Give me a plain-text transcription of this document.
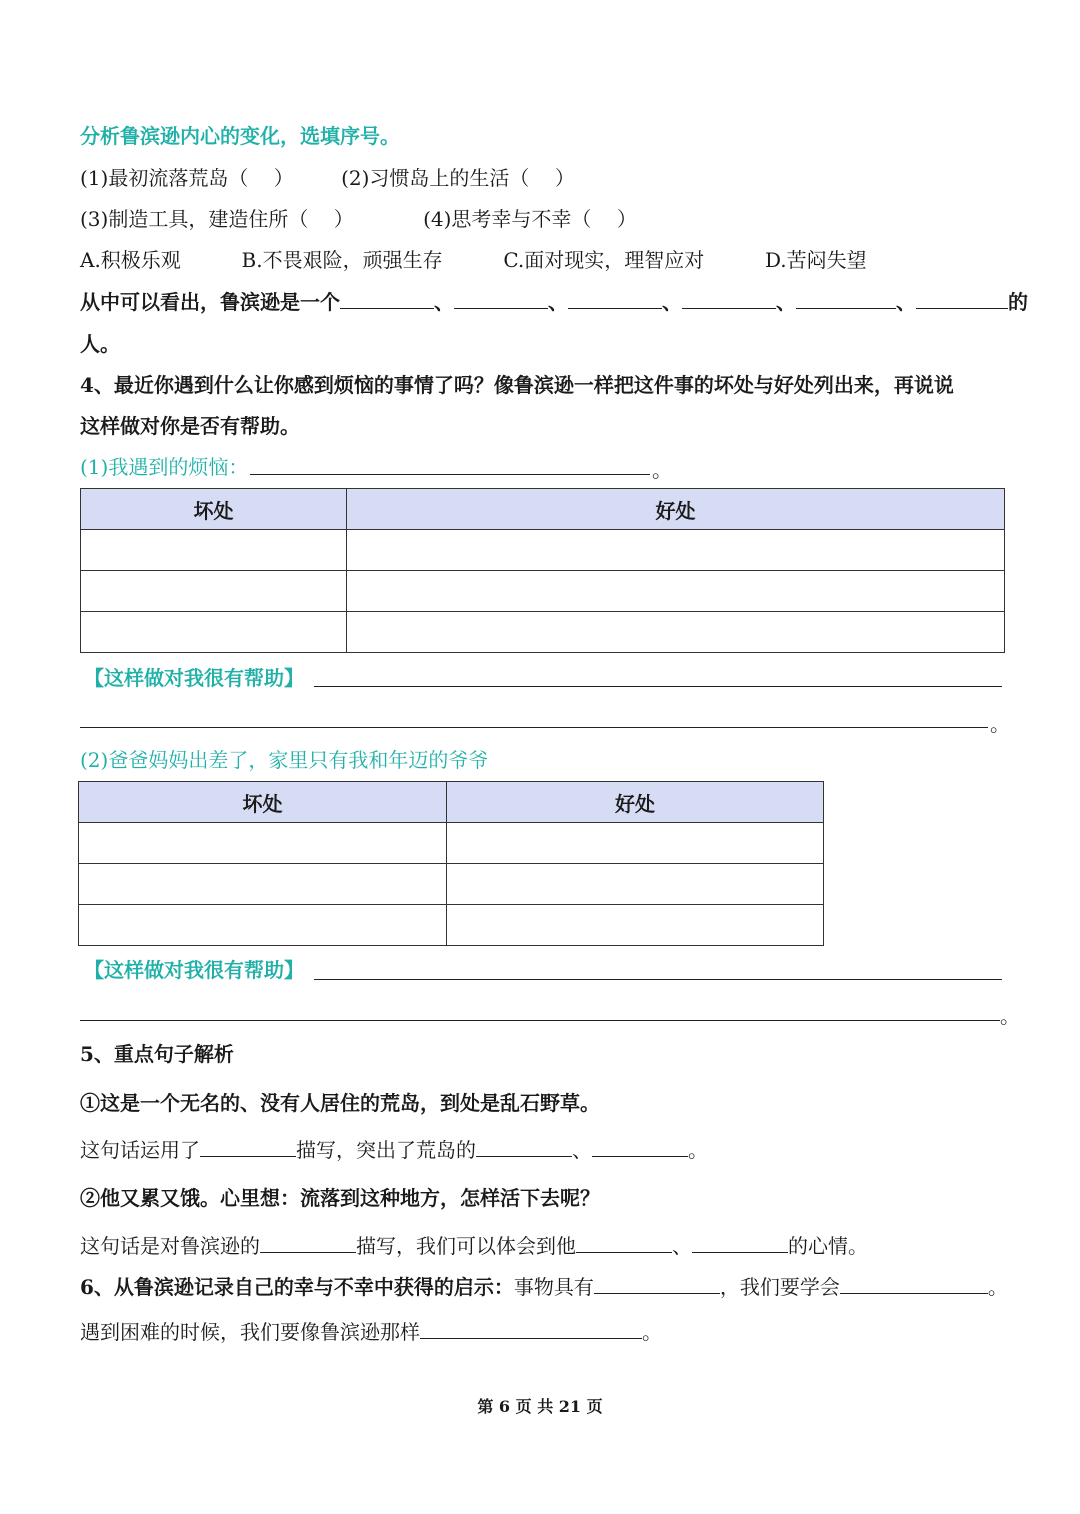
分析鲁滨逊内心的变化，选填序号。
(1)最初流落荒岛（ ） (2)习惯岛上的生活（ ）
(3)制造工具，建造住所（ ）	(4)思考幸与不幸（ ）
A.积极乐观	B.不畏艰险，顽强生存	C.面对现实，理智应对	D.苦闷失望
从中可以看出，鲁滨逊是一个	、	、	、	、	、	的
人。
4、最近你遇到什么让你感到烦恼的事情了吗？像鲁滨逊一样把这件事的坏处与好处列出来，再说说
这样做对你是否有帮助。
(1)我遇到的烦恼：	。
坏处	好处

【这样做对我很有帮助】
。
(2)爸爸妈妈出差了，家里只有我和年迈的爷爷
坏处	好处

【这样做对我很有帮助】
。
5、重点句子解析
①这是一个无名的、没有人居住的荒岛，到处是乱石野草。
这句话运用了	描写，突出了荒岛的	、	。
②他又累又饿。心里想：流落到这种地方，怎样活下去呢？
这句话是对鲁滨逊的	描写，我们可以体会到他	、	的心情。
6、从鲁滨逊记录自己的幸与不幸中获得的启示：事物具有	，我们要学会	。
遇到困难的时候，我们要像鲁滨逊那样	。
第 6 页 共 21 页
